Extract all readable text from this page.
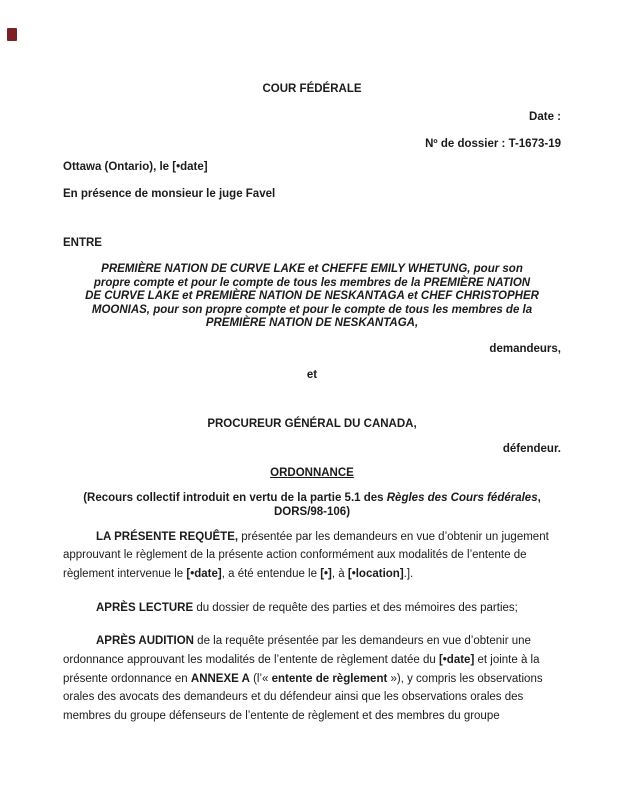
COUR FÉDÉRALE
Date :
Nº de dossier : T-1673-19
Ottawa (Ontario), le [•date]
En présence de monsieur le juge Favel
ENTRE
PREMIÈRE NATION DE CURVE LAKE et CHEFFE EMILY WHETUNG, pour son propre compte et pour le compte de tous les membres de la PREMIÈRE NATION DE CURVE LAKE et PREMIÈRE NATION DE NESKANTAGA et CHEF CHRISTOPHER MOONIAS, pour son propre compte et pour le compte de tous les membres de la PREMIÈRE NATION DE NESKANTAGA,
demandeurs,
et
PROCUREUR GÉNÉRAL DU CANADA,
défendeur.
ORDONNANCE
(Recours collectif introduit en vertu de la partie 5.1 des Règles des Cours fédérales,
DORS/98-106)

LA PRÉSENTE REQUÊTE, présentée par les demandeurs en vue d’obtenir un jugement approuvant le règlement de la présente action conformément aux modalités de l’entente de règlement intervenue le [•date], a été entendue le [•], à [•location].].

APRÈS LECTURE du dossier de requête des parties et des mémoires des parties;

APRÈS AUDITION de la requête présentée par les demandeurs en vue d’obtenir une ordonnance approuvant les modalités de l’entente de règlement datée du [•date] et jointe à la présente ordonnance en ANNEXE A (l’« entente de règlement »), y compris les observations orales des avocats des demandeurs et du défendeur ainsi que les observations orales des membres du groupe défenseurs de l’entente de règlement et des membres du groupe
